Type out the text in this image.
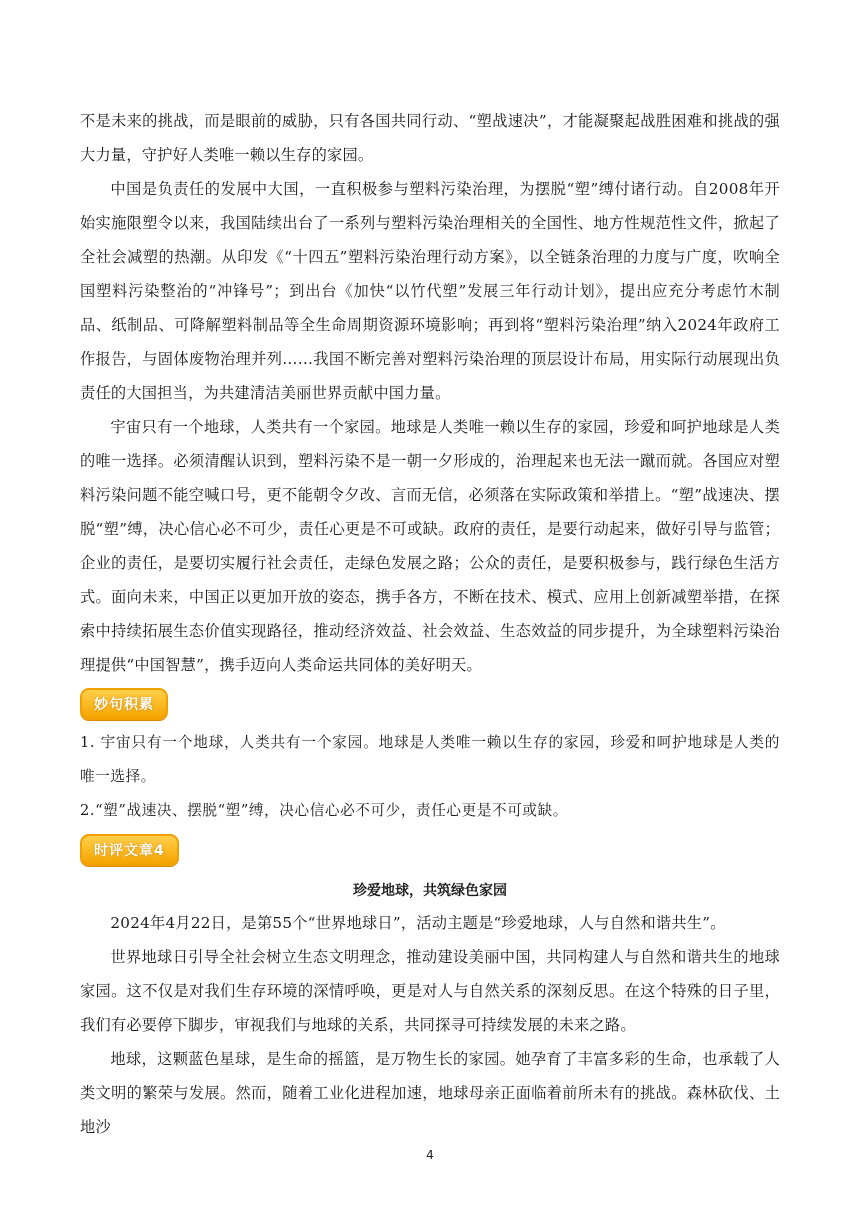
不是未来的挑战，而是眼前的威胁，只有各国共同行动、“塑战速决”，才能凝聚起战胜困难和挑战的强大力量，守护好人类唯一赖以生存的家园。

中国是负责任的发展中大国，一直积极参与塑料污染治理，为摆脱“塑”缚付诸行动。自2008年开始实施限塑令以来，我国陆续出台了一系列与塑料污染治理相关的全国性、地方性规范性文件，掀起了全社会减塑的热潮。从印发《“十四五”塑料污染治理行动方案》，以全链条治理的力度与广度，吹响全国塑料污染整治的“冲锋号”；到出台《加快“以竹代塑”发展三年行动计划》，提出应充分考虑竹木制品、纸制品、可降解塑料制品等全生命周期资源环境影响；再到将“塑料污染治理”纳入2024年政府工作报告，与固体废物治理并列……我国不断完善对塑料污染治理的顶层设计布局，用实际行动展现出负责任的大国担当，为共建清洁美丽世界贡献中国力量。

宇宙只有一个地球，人类共有一个家园。地球是人类唯一赖以生存的家园，珍爱和呵护地球是人类的唯一选择。必须清醒认识到，塑料污染不是一朝一夕形成的，治理起来也无法一蹴而就。各国应对塑料污染问题不能空喊口号，更不能朝令夕改、言而无信，必须落在实际政策和举措上。“塑”战速决、摆脱“塑”缚，决心信心必不可少，责任心更是不可或缺。政府的责任，是要行动起来，做好引导与监管；企业的责任，是要切实履行社会责任，走绿色发展之路；公众的责任，是要积极参与，践行绿色生活方式。面向未来，中国正以更加开放的姿态，携手各方，不断在技术、模式、应用上创新减塑举措，在探索中持续拓展生态价值实现路径，推动经济效益、社会效益、生态效益的同步提升，为全球塑料污染治理提供“中国智慧”，携手迈向人类命运共同体的美好明天。

妙句积累

1. 宇宙只有一个地球，人类共有一个家园。地球是人类唯一赖以生存的家园，珍爱和呵护地球是人类的唯一选择。

2.“塑”战速决、摆脱“塑”缚，决心信心必不可少，责任心更是不可或缺。

时评文章4
珍爱地球，共筑绿色家园

2024年4月22日，是第55个“世界地球日”，活动主题是“珍爱地球，人与自然和谐共生”。

世界地球日引导全社会树立生态文明理念，推动建设美丽中国，共同构建人与自然和谐共生的地球家园。这不仅是对我们生存环境的深情呼唤，更是对人与自然关系的深刻反思。在这个特殊的日子里，我们有必要停下脚步，审视我们与地球的关系，共同探寻可持续发展的未来之路。

地球，这颗蓝色星球，是生命的摇篮，是万物生长的家园。她孕育了丰富多彩的生命，也承载了人类文明的繁荣与发展。然而，随着工业化进程加速，地球母亲正面临着前所未有的挑战。森林砍伐、土地沙

4
